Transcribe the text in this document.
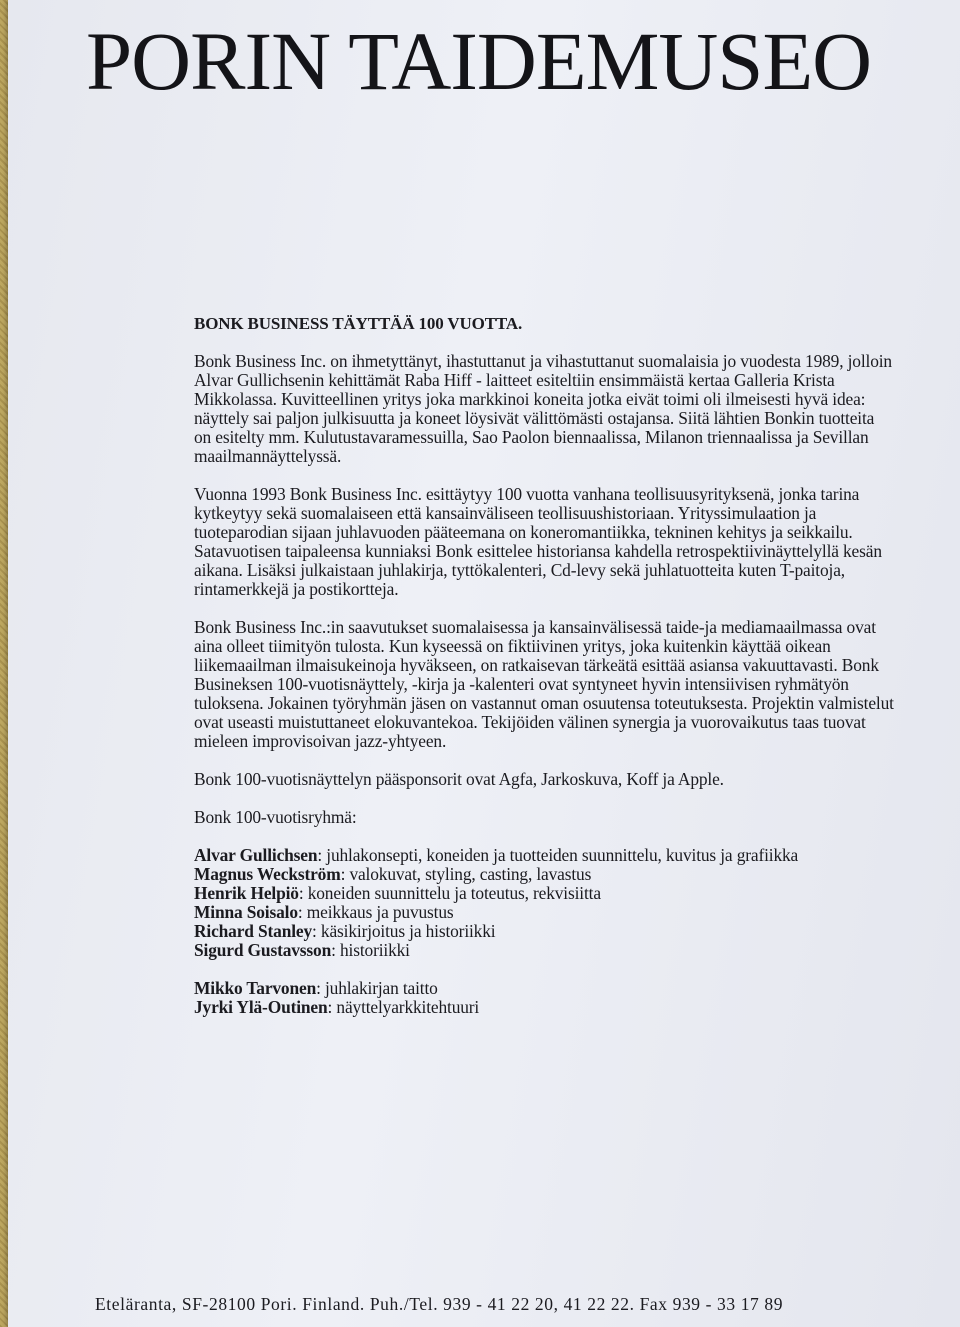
PORIN TAIDEMUSEO
BONK BUSINESS TÄYTTÄÄ 100 VUOTTA.

Bonk Business Inc. on ihmetyttänyt, ihastuttanut ja vihastuttanut suomalaisia jo vuodesta 1989, jolloin Alvar Gullichsenin kehittämät Raba Hiff - laitteet esiteltiin ensimmäistä kertaa Galleria Krista Mikkolassa. Kuvitteellinen yritys joka markkinoi koneita jotka eivät toimi oli ilmeisesti hyvä idea: näyttely sai paljon julkisuutta ja koneet löysivät välittömästi ostajansa. Siitä lähtien Bonkin tuotteita on esitelty mm. Kulutustavaramessuilla, Sao Paolon biennaalissa, Milanon triennaalissa ja Sevillan maailmannäyttelyssä.

Vuonna 1993 Bonk Business Inc. esittäytyy 100 vuotta vanhana teollisuusyrityksenä, jonka tarina kytkeytyy sekä suomalaiseen että kansainväliseen teollisuushistoriaan. Yrityssimulaation ja tuoteparodian sijaan juhlavuoden pääteemana on koneromantiikka, tekninen kehitys ja seikkailu. Satavuotisen taipaleensa kunniaksi Bonk esittelee historiansa kahdella retrospektiivinäyttelyllä kesän aikana. Lisäksi julkaistaan juhlakirja, tyttökalenteri, Cd-levy sekä juhlatuotteita kuten T-paitoja, rintamerkkejä ja postikortteja.

Bonk Business Inc.:in saavutukset suomalaisessa ja kansainvälisessä taide-ja mediamaailmassa ovat aina olleet tiimityön tulosta. Kun kyseessä on fiktiivinen yritys, joka kuitenkin käyttää oikean liikemaailman ilmaisukeinoja hyväkseen, on ratkaisevan tärkeätä esittää asiansa vakuuttavasti. Bonk Busineksen 100-vuotisnäyttely, -kirja ja -kalenteri ovat syntyneet hyvin intensiivisen ryhmätyön tuloksena. Jokainen työryhmän jäsen on vastannut oman osuutensa toteutuksesta. Projektin valmistelut ovat useasti muistuttaneet elokuvantekoa. Tekijöiden välinen synergia ja vuorovaikutus taas tuovat mieleen improvisoivan jazz-yhtyeen.

Bonk 100-vuotisnäyttelyn pääsponsorit ovat Agfa, Jarkoskuva, Koff ja Apple.

Bonk 100-vuotisryhmä:

Alvar Gullichsen: juhlakonsepti, koneiden ja tuotteiden suunnittelu, kuvitus ja grafiikka
Magnus Weckström: valokuvat, styling, casting, lavastus
Henrik Helpiö: koneiden suunnittelu ja toteutus, rekvisiitta
Minna Soisalo: meikkaus ja puvustus
Richard Stanley: käsikirjoitus ja historiikki
Sigurd Gustavsson: historiikki
Mikko Tarvonen: juhlakirjan taitto
Jyrki Ylä-Outinen: näyttelyarkkitehtuuri
Eteläranta, SF-28100 Pori. Finland. Puh./Tel. 939 - 41 22 20, 41 22 22. Fax 939 - 33 17 89
